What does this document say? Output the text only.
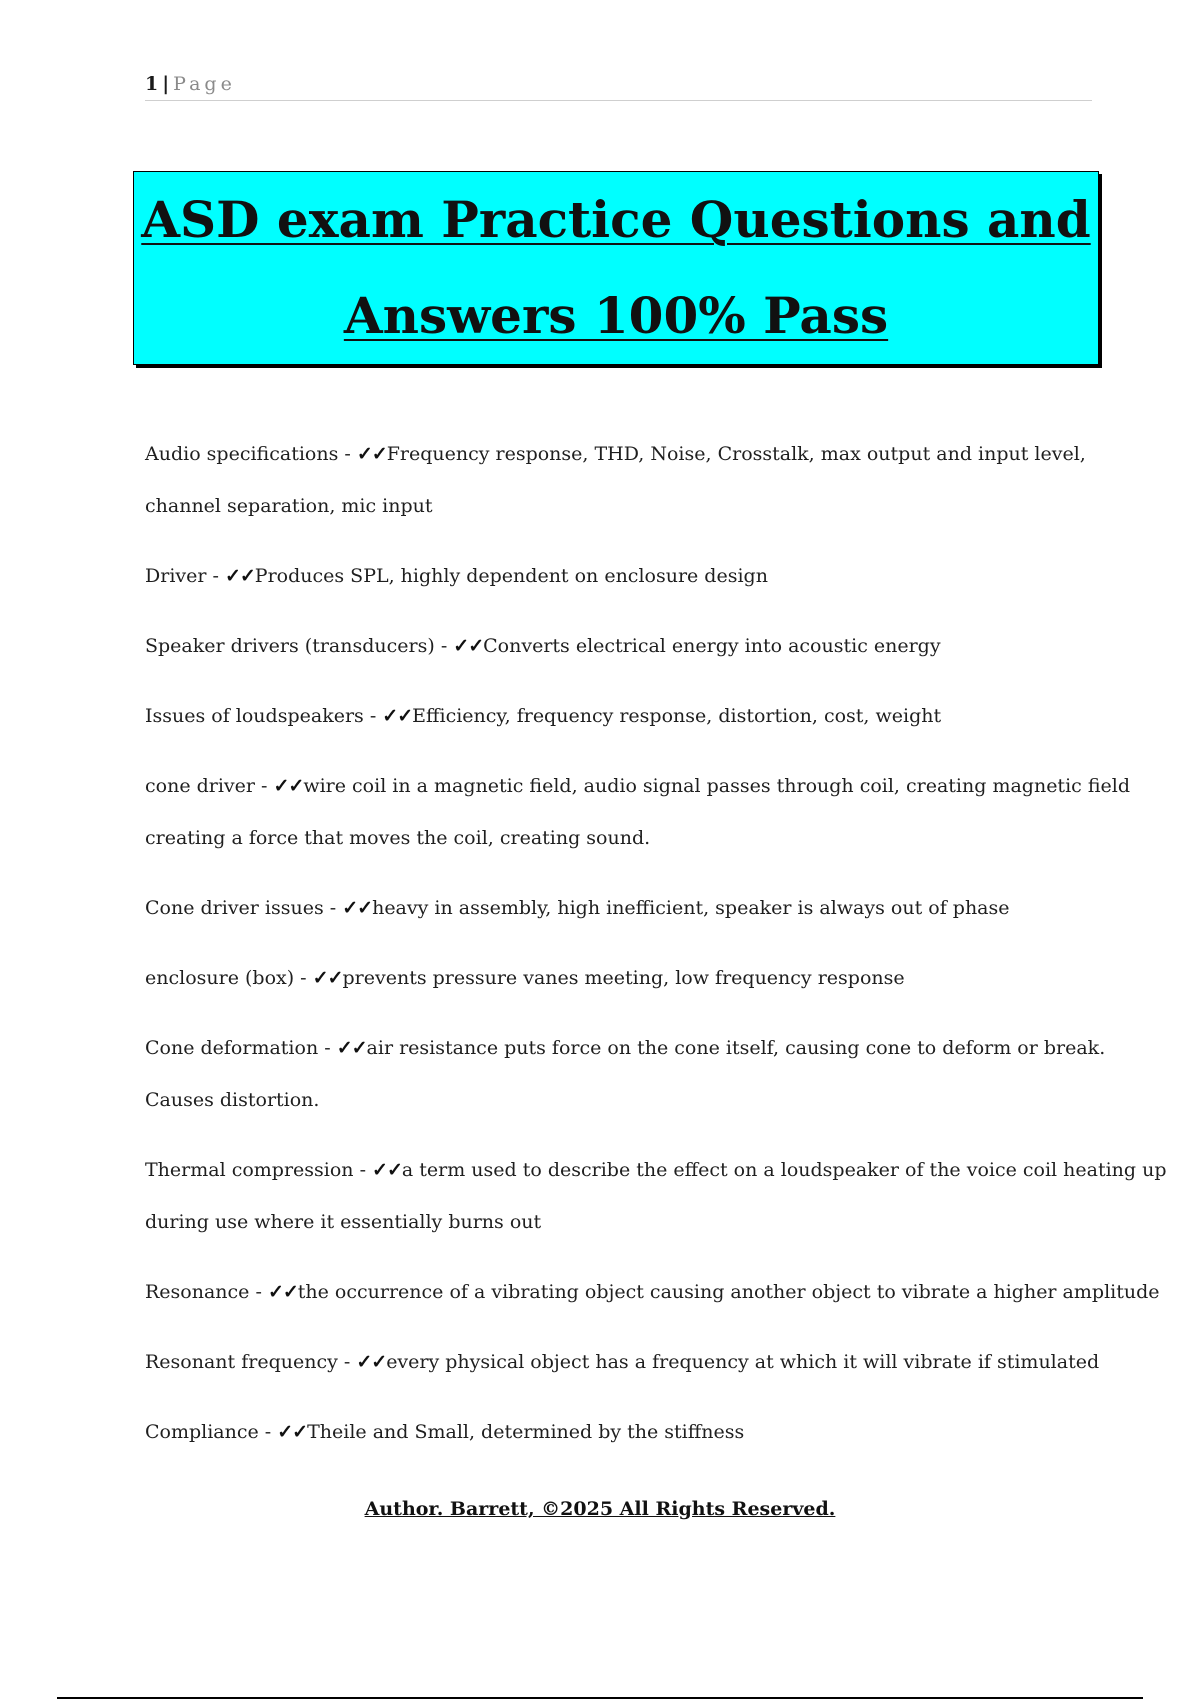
1 | Page
ASD exam Practice Questions and
Answers 100% Pass
Audio specifications - ✓✓Frequency response, THD, Noise, Crosstalk, max output and input level,
channel separation, mic input
Driver - ✓✓Produces SPL, highly dependent on enclosure design
Speaker drivers (transducers) - ✓✓Converts electrical energy into acoustic energy
Issues of loudspeakers - ✓✓Efficiency, frequency response, distortion, cost, weight
cone driver - ✓✓wire coil in a magnetic field, audio signal passes through coil, creating magnetic field
creating a force that moves the coil, creating sound.
Cone driver issues - ✓✓heavy in assembly, high inefficient, speaker is always out of phase
enclosure (box) - ✓✓prevents pressure vanes meeting, low frequency response
Cone deformation - ✓✓air resistance puts force on the cone itself, causing cone to deform or break.
Causes distortion.
Thermal compression - ✓✓a term used to describe the effect on a loudspeaker of the voice coil heating up
during use where it essentially burns out
Resonance - ✓✓the occurrence of a vibrating object causing another object to vibrate a higher amplitude
Resonant frequency - ✓✓every physical object has a frequency at which it will vibrate if stimulated
Compliance - ✓✓Theile and Small, determined by the stiffness
Author. Barrett, ©2025 All Rights Reserved.
